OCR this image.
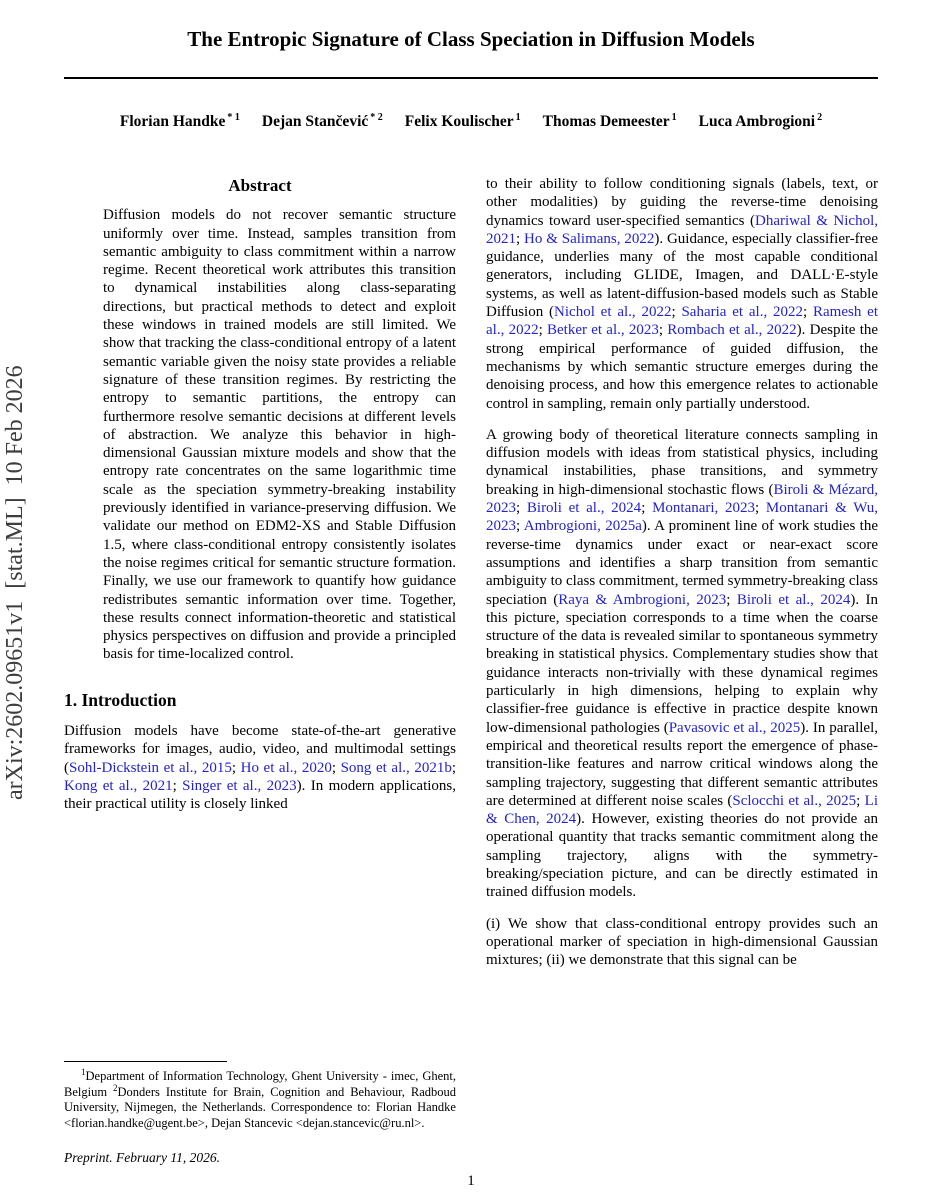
arXiv:2602.09651v1  [stat.ML]  10 Feb 2026
The Entropic Signature of Class Speciation in Diffusion Models
Florian Handke $^{* 1}$ Dejan Stančević $^{* 2}$ Felix Koulischer $^1$ Thomas Demeester $^1$ Luca Ambrogioni $^2$
Abstract

Diffusion models do not recover semantic structure uniformly over time. Instead, samples transition from semantic ambiguity to class commitment within a narrow regime. Recent theoretical work attributes this transition to dynamical instabilities along class-separating directions, but practical methods to detect and exploit these windows in trained models are still limited. We show that tracking the class-conditional entropy of a latent semantic variable given the noisy state provides a reliable signature of these transition regimes. By restricting the entropy to semantic partitions, the entropy can furthermore resolve semantic decisions at different levels of abstraction. We analyze this behavior in high-dimensional Gaussian mixture models and show that the entropy rate concentrates on the same logarithmic time scale as the speciation symmetry-breaking instability previously identified in variance-preserving diffusion. We validate our method on EDM2-XS and Stable Diffusion 1.5, where class-conditional entropy consistently isolates the noise regimes critical for semantic structure formation. Finally, we use our framework to quantify how guidance redistributes semantic information over time. Together, these results connect information-theoretic and statistical physics perspectives on diffusion and provide a principled basis for time-localized control.

1. Introduction

Diffusion models have become state-of-the-art generative frameworks for images, audio, video, and multimodal settings (Sohl-Dickstein et al., 2015; Ho et al., 2020; Song et al., 2021b; Kong et al., 2021; Singer et al., 2023). In modern applications, their practical utility is closely linked

$^1$Department of Information Technology, Ghent University - imec, Ghent, Belgium $^2$Donders Institute for Brain, Cognition and Behaviour, Radboud University, Nijmegen, the Netherlands. Correspondence to: Florian Handke <florian.handke@ugent.be>, Dejan Stancevic <dejan.stancevic@ru.nl>.

Preprint. February 11, 2026.

to their ability to follow conditioning signals (labels, text, or other modalities) by guiding the reverse-time denoising dynamics toward user-specified semantics (Dhariwal & Nichol, 2021; Ho & Salimans, 2022). Guidance, especially classifier-free guidance, underlies many of the most capable conditional generators, including GLIDE, Imagen, and DALL·E-style systems, as well as latent-diffusion-based models such as Stable Diffusion (Nichol et al., 2022; Saharia et al., 2022; Ramesh et al., 2022; Betker et al., 2023; Rombach et al., 2022). Despite the strong empirical performance of guided diffusion, the mechanisms by which semantic structure emerges during the denoising process, and how this emergence relates to actionable control in sampling, remain only partially understood.

A growing body of theoretical literature connects sampling in diffusion models with ideas from statistical physics, including dynamical instabilities, phase transitions, and symmetry breaking in high-dimensional stochastic flows (Biroli & Mézard, 2023; Biroli et al., 2024; Montanari, 2023; Montanari & Wu, 2023; Ambrogioni, 2025a). A prominent line of work studies the reverse-time dynamics under exact or near-exact score assumptions and identifies a sharp transition from semantic ambiguity to class commitment, termed symmetry-breaking class speciation (Raya & Ambrogioni, 2023; Biroli et al., 2024). In this picture, speciation corresponds to a time when the coarse structure of the data is revealed similar to spontaneous symmetry breaking in statistical physics. Complementary studies show that guidance interacts non-trivially with these dynamical regimes particularly in high dimensions, helping to explain why classifier-free guidance is effective in practice despite known low-dimensional pathologies (Pavasovic et al., 2025). In parallel, empirical and theoretical results report the emergence of phase-transition-like features and narrow critical windows along the sampling trajectory, suggesting that different semantic attributes are determined at different noise scales (Sclocchi et al., 2025; Li & Chen, 2024). However, existing theories do not provide an operational quantity that tracks semantic commitment along the sampling trajectory, aligns with the symmetry-breaking/speciation picture, and can be directly estimated in trained diffusion models.

(i) We show that class-conditional entropy provides such an operational marker of speciation in high-dimensional Gaussian mixtures; (ii) we demonstrate that this signal can be

1
